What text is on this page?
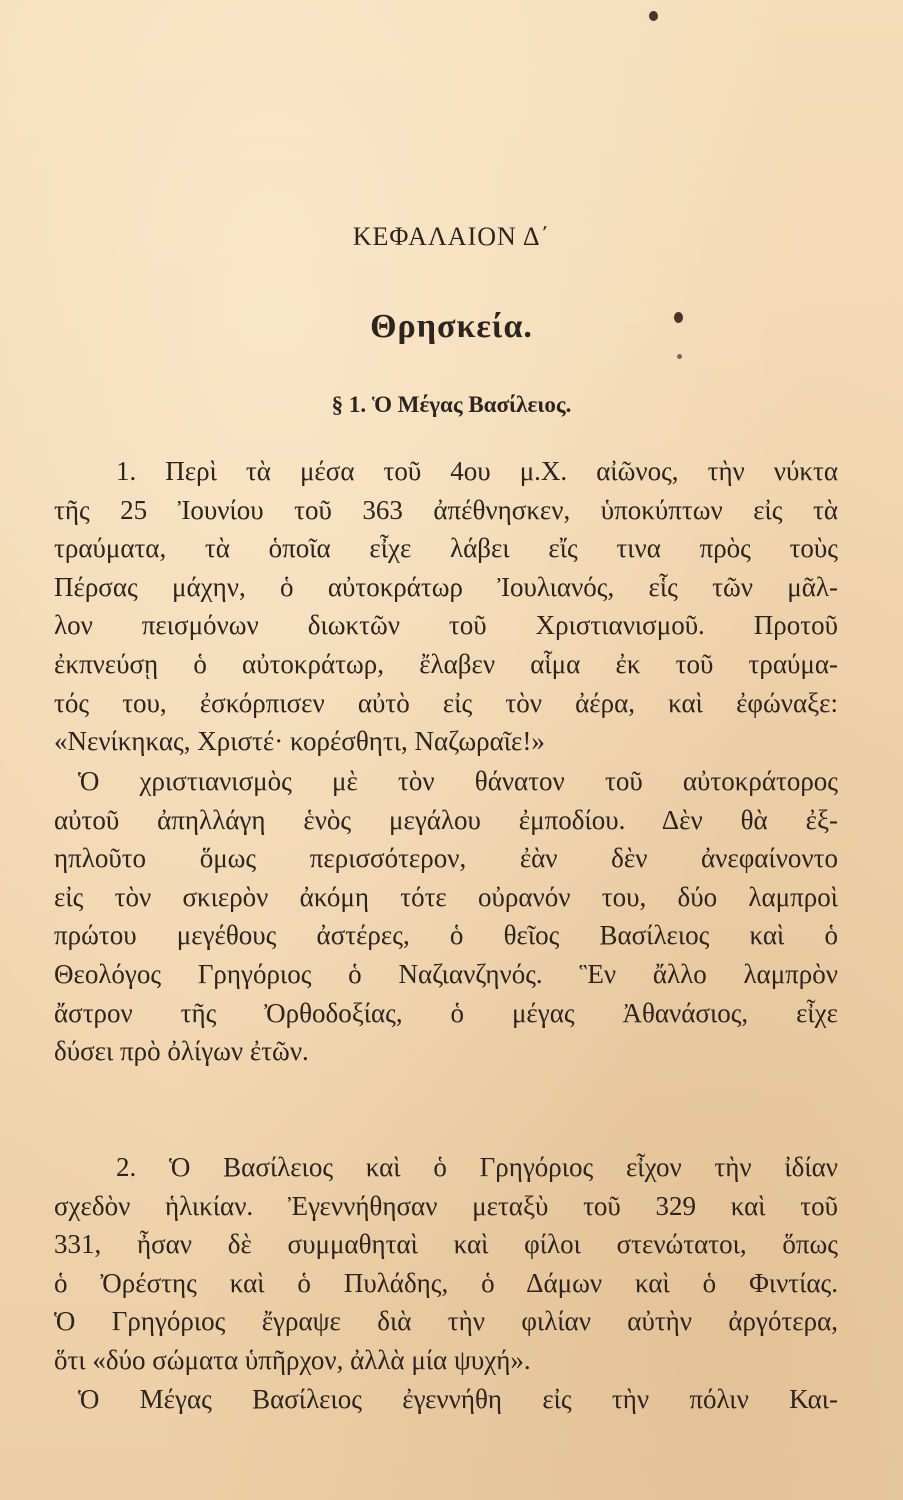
ΚΕΦΑΛΑΙΟΝ Δ΄
Θρησκεία.
§ 1. Ὁ Μέγας Βασίλειος.
1. Περὶ τὰ μέσα τοῦ 4ου μ.Χ. αἰῶνος, τὴν νύκτα
τῆς 25 Ἰουνίου τοῦ 363 ἀπέθνησκεν, ὑποκύπτων εἰς τὰ
τραύματα, τὰ ὁποῖα εἶχε λάβει εἴς τινα πρὸς τοὺς
Πέρσας μάχην, ὁ αὐτοκράτωρ Ἰουλιανός, εἷς τῶν μᾶλ-
λον πεισμόνων διωκτῶν τοῦ Χριστιανισμοῦ. Προτοῦ
ἐκπνεύσῃ ὁ αὐτοκράτωρ, ἔλαβεν αἷμα ἐκ τοῦ τραύμα-
τός του, ἐσκόρπισεν αὐτὸ εἰς τὸν ἀέρα, καὶ ἐφώναξε:
«Νενίκηκας, Χριστέ· κορέσθητι, Ναζωραῖε!»
Ὁ χριστιανισμὸς μὲ τὸν θάνατον τοῦ αὐτοκράτορος
αὐτοῦ ἀπηλλάγη ἑνὸς μεγάλου ἐμποδίου. Δὲν θὰ ἐξ-
ηπλοῦτο ὅμως περισσότερον, ἐὰν δὲν ἀνεφαίνοντο
εἰς τὸν σκιερὸν ἀκόμη τότε οὐρανόν του, δύο λαμπροὶ
πρώτου μεγέθους ἀστέρες, ὁ θεῖος Βασίλειος καὶ ὁ
Θεολόγος Γρηγόριος ὁ Ναζιανζηνός. Ἓν ἄλλο λαμπρὸν
ἄστρον τῆς Ὀρθοδοξίας, ὁ μέγας Ἀθανάσιος, εἶχε
δύσει πρὸ ὀλίγων ἐτῶν.
2. Ὁ Βασίλειος καὶ ὁ Γρηγόριος εἶχον τὴν ἰδίαν
σχεδὸν ἡλικίαν. Ἐγεννήθησαν μεταξὺ τοῦ 329 καὶ τοῦ
331, ἦσαν δὲ συμμαθηταὶ καὶ φίλοι στενώτατοι, ὅπως
ὁ Ὀρέστης καὶ ὁ Πυλάδης, ὁ Δάμων καὶ ὁ Φιντίας.
Ὁ Γρηγόριος ἔγραψε διὰ τὴν φιλίαν αὐτὴν ἀργότερα,
ὅτι «δύο σώματα ὑπῆρχον, ἀλλὰ μία ψυχή».
Ὁ Μέγας Βασίλειος ἐγεννήθη εἰς τὴν πόλιν Και-
